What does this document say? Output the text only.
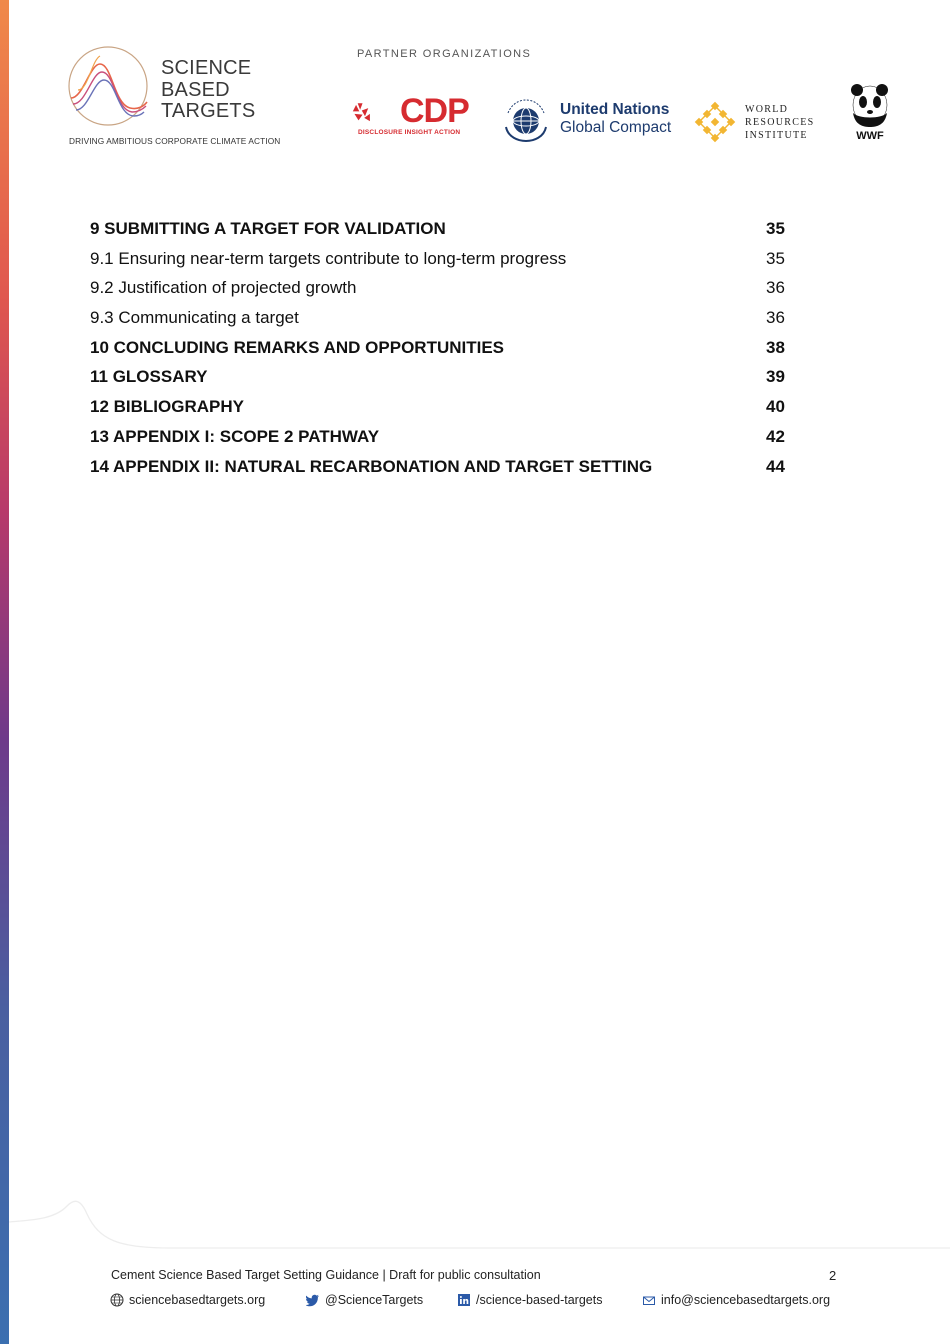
SCIENCE
BASED
TARGETS
DRIVING AMBITIOUS CORPORATE CLIMATE ACTION
PARTNER ORGANIZATIONS
CDP
DISCLOSURE INSIGHT ACTION
United Nations
Global Compact
WORLD
RESOURCES
INSTITUTE	WWF
9 SUBMITTING A TARGET FOR VALIDATION	35
9.1 Ensuring near-term targets contribute to long-term progress	35
9.2 Justification of projected growth	36
9.3 Communicating a target	36
10 CONCLUDING REMARKS AND OPPORTUNITIES	38
11 GLOSSARY	39
12 BIBLIOGRAPHY	40
13 APPENDIX I: SCOPE 2 PATHWAY	42
14 APPENDIX II: NATURAL RECARBONATION AND TARGET SETTING	44
Cement Science Based Target Setting Guidance | Draft for public consultation	2
sciencebasedtargets.org	@ScienceTargets	/science-based-targets	info@sciencebasedtargets.org
